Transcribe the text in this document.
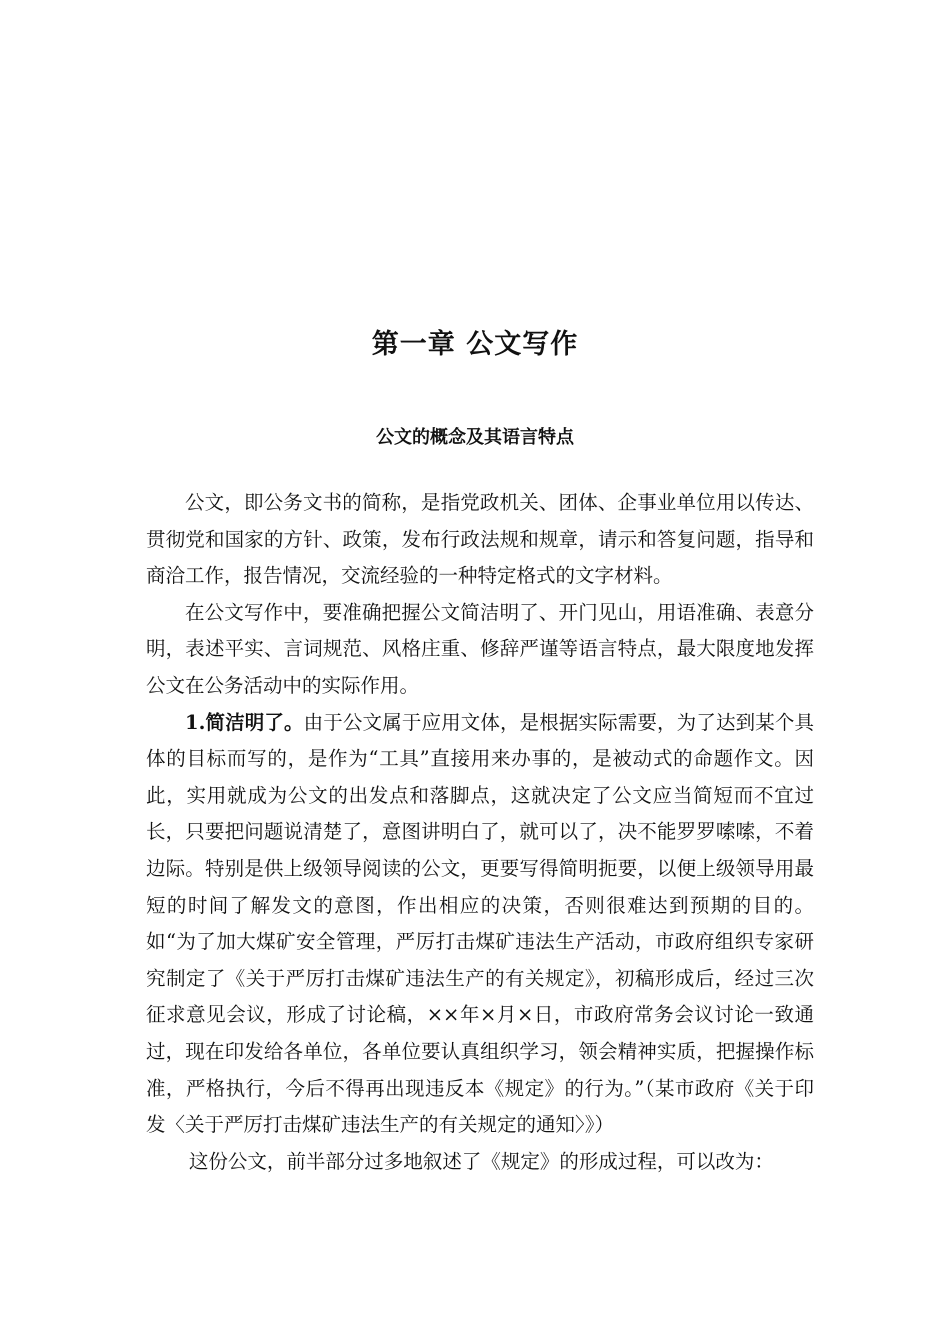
第一章 公文写作
公文的概念及其语言特点

公文，即公务文书的简称，是指党政机关、团体、企事业单位用以传达、贯彻党和国家的方针、政策，发布行政法规和规章，请示和答复问题，指导和商洽工作，报告情况，交流经验的一种特定格式的文字材料。

在公文写作中，要准确把握公文简洁明了、开门见山，用语准确、表意分明，表述平实、言词规范、风格庄重、修辞严谨等语言特点，最大限度地发挥公文在公务活动中的实际作用。

1.简洁明了。由于公文属于应用文体，是根据实际需要，为了达到某个具体的目标而写的，是作为“工具”直接用来办事的，是被动式的命题作文。因此，实用就成为公文的出发点和落脚点，这就决定了公文应当简短而不宜过长，只要把问题说清楚了，意图讲明白了，就可以了，决不能罗罗嗦嗦，不着边际。特别是供上级领导阅读的公文，更要写得简明扼要，以便上级领导用最短的时间了解发文的意图，作出相应的决策，否则很难达到预期的目的。如“为了加大煤矿安全管理，严厉打击煤矿违法生产活动，市政府组织专家研究制定了《关于严厉打击煤矿违法生产的有关规定》，初稿形成后，经过三次征求意见会议，形成了讨论稿，××年×月×日，市政府常务会议讨论一致通过，现在印发给各单位，各单位要认真组织学习，领会精神实质，把握操作标准，严格执行，今后不得再出现违反本《规定》的行为。”（某市政府《关于印发〈关于严厉打击煤矿违法生产的有关规定的通知〉》）

这份公文，前半部分过多地叙述了《规定》的形成过程，可以改为：
